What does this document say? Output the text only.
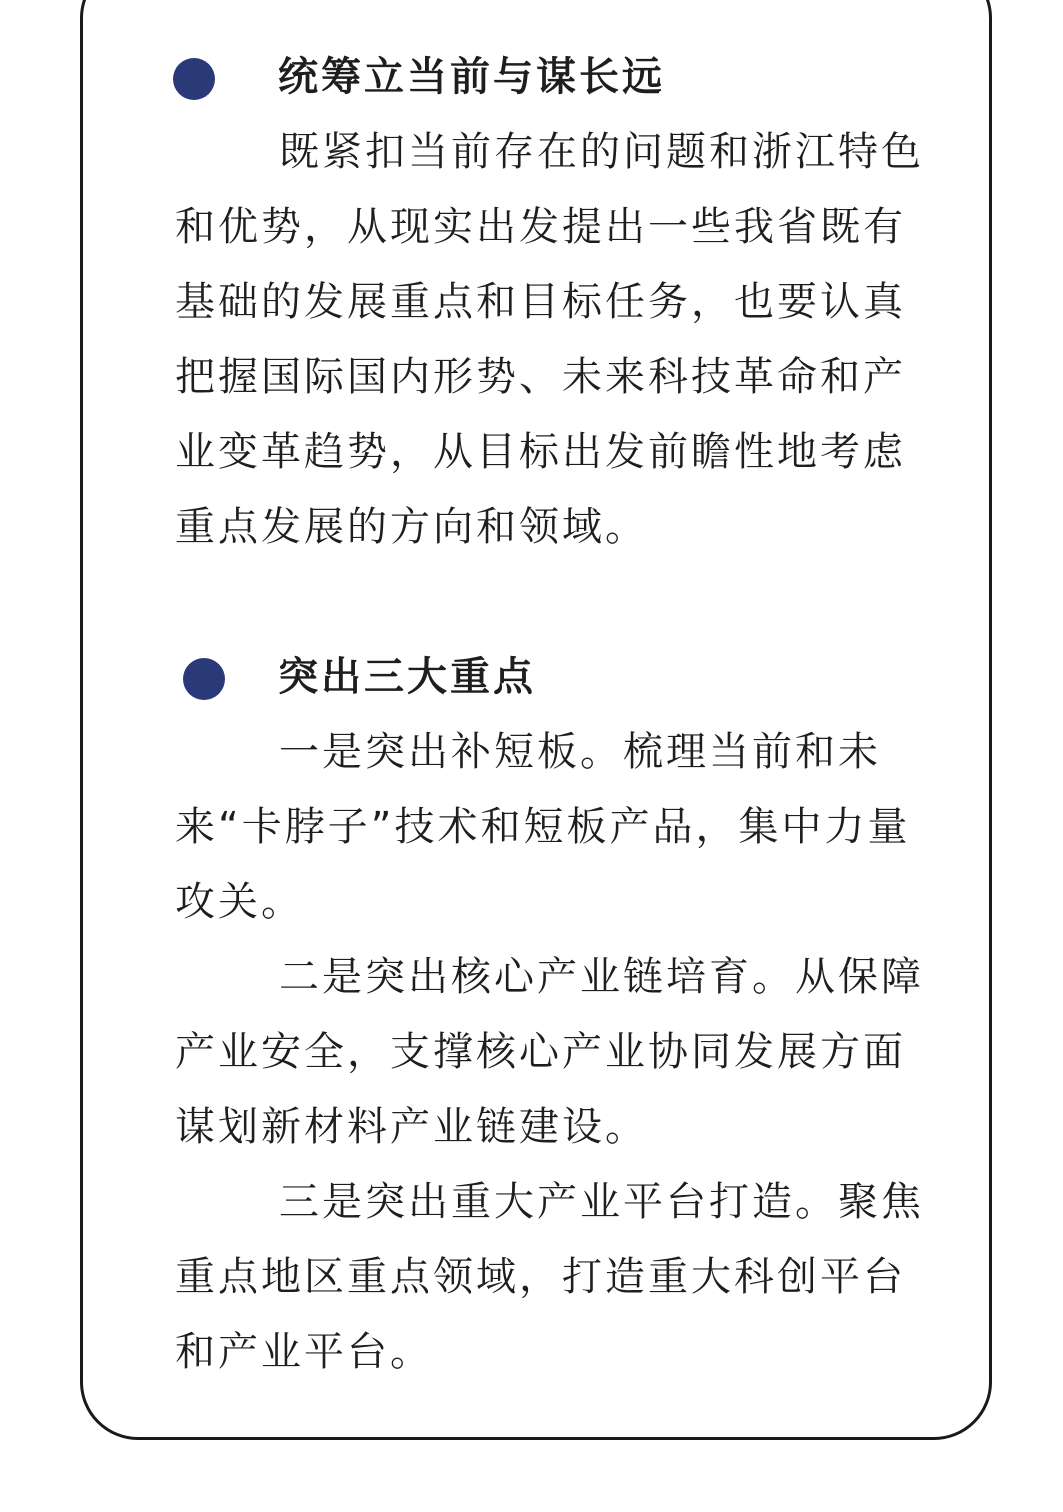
统筹立当前与谋长远

既紧扣当前存在的问题和浙江特色和优势，从现实出发提出一些我省既有基础的发展重点和目标任务，也要认真把握国际国内形势、未来科技革命和产业变革趋势，从目标出发前瞻性地考虑重点发展的方向和领域。

突出三大重点

一是突出补短板。梳理当前和未来“卡脖子”技术和短板产品，集中力量攻关。

二是突出核心产业链培育。从保障产业安全，支撑核心产业协同发展方面谋划新材料产业链建设。

三是突出重大产业平台打造。聚焦重点地区重点领域，打造重大科创平台和产业平台。
